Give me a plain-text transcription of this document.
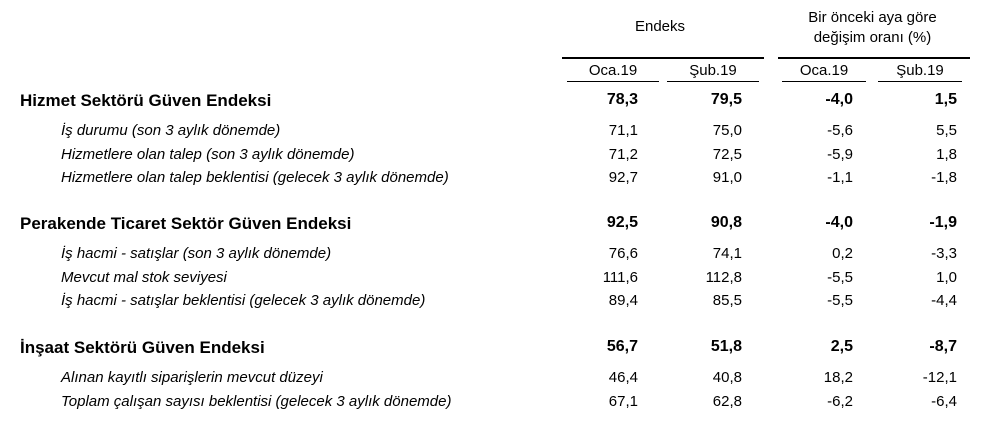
Endeks
Bir önceki aya göre
değişim oranı (%)
Oca.19	Şub.19	Oca.19	Şub.19
Hizmet Sektörü Güven Endeksi	78,3	79,5	-4,0	1,5
İş durumu (son 3 aylık dönemde)	71,1	75,0	-5,6	5,5
Hizmetlere olan talep (son 3 aylık dönemde)	71,2	72,5	-5,9	1,8
Hizmetlere olan talep beklentisi (gelecek 3 aylık dönemde)	92,7	91,0	-1,1	-1,8
Perakende Ticaret Sektör Güven Endeksi	92,5	90,8	-4,0	-1,9
İş hacmi - satışlar (son 3 aylık dönemde)	76,6	74,1	0,2	-3,3
Mevcut mal stok seviyesi	111,6	112,8	-5,5	1,0
İş hacmi - satışlar beklentisi (gelecek 3 aylık dönemde)	89,4	85,5	-5,5	-4,4
İnşaat Sektörü Güven Endeksi	56,7	51,8	2,5	-8,7
Alınan kayıtlı siparişlerin mevcut düzeyi	46,4	40,8	18,2	-12,1
Toplam çalışan sayısı beklentisi (gelecek 3 aylık dönemde)	67,1	62,8	-6,2	-6,4
